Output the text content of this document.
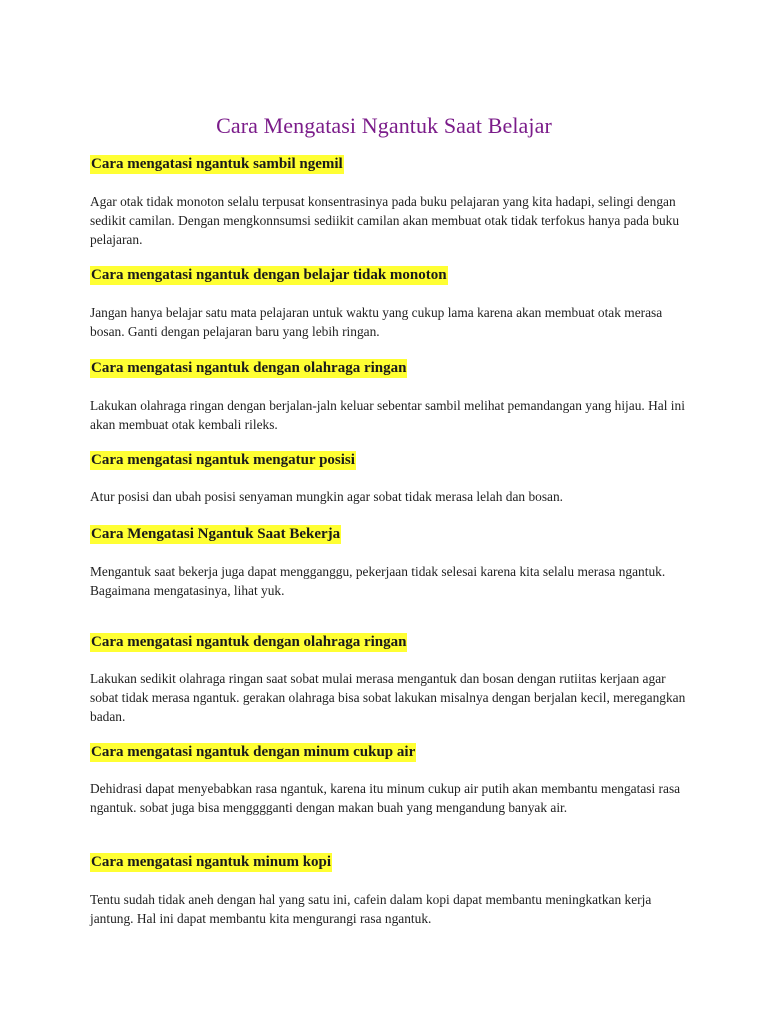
Cara Mengatasi Ngantuk Saat Belajar
Cara mengatasi ngantuk sambil ngemil

Agar otak tidak monoton selalu terpusat konsentrasinya pada buku pelajaran yang kita hadapi, selingi dengan sedikit camilan. Dengan mengkonnsumsi sediikit camilan akan membuat otak tidak terfokus hanya pada buku pelajaran.

Cara mengatasi ngantuk dengan belajar tidak monoton

Jangan hanya belajar satu mata pelajaran untuk waktu yang cukup lama karena akan membuat otak merasa bosan. Ganti dengan pelajaran baru yang lebih ringan.

Cara mengatasi ngantuk dengan olahraga ringan

Lakukan olahraga ringan dengan berjalan-jaln keluar sebentar sambil melihat pemandangan yang hijau. Hal ini akan membuat otak kembali rileks.

Cara mengatasi ngantuk mengatur posisi

Atur posisi dan ubah posisi senyaman mungkin agar sobat tidak merasa lelah dan bosan.

Cara Mengatasi Ngantuk Saat Bekerja

Mengantuk saat bekerja juga dapat mengganggu, pekerjaan tidak selesai karena kita selalu merasa ngantuk. Bagaimana mengatasinya, lihat yuk.

Cara mengatasi ngantuk dengan olahraga ringan

Lakukan sedikit olahraga ringan saat sobat mulai merasa mengantuk dan bosan dengan rutiitas kerjaan agar sobat tidak merasa ngantuk. gerakan olahraga bisa sobat lakukan misalnya dengan berjalan kecil, meregangkan badan.

Cara mengatasi ngantuk dengan minum cukup air

Dehidrasi dapat menyebabkan rasa ngantuk, karena itu minum cukup air putih akan membantu mengatasi rasa ngantuk. sobat juga bisa mengggganti dengan makan buah yang mengandung banyak air.

Cara mengatasi ngantuk minum kopi

Tentu sudah tidak aneh dengan hal yang satu ini, cafein dalam kopi dapat membantu meningkatkan kerja jantung. Hal ini dapat membantu kita mengurangi rasa ngantuk.
